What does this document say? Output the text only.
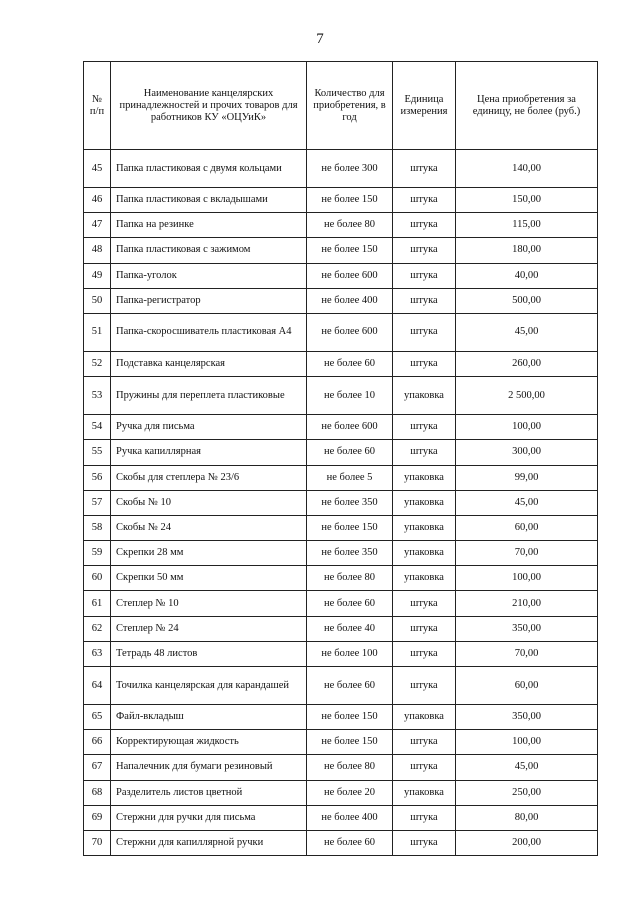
7
№ п/п	Наименование канцелярских принадлежностей и прочих товаров для работников КУ «ОЦУиК»	Количество для приобретения, в год	Единица измерения	Цена приобретения за единицу, не более (руб.)
45	Папка пластиковая с двумя кольцами	не более 300	штука	140,00
46	Папка пластиковая с вкладышами	не более 150	штука	150,00
47	Папка на резинке	не более 80	штука	115,00
48	Папка пластиковая с зажимом	не более 150	штука	180,00
49	Папка-уголок	не более 600	штука	40,00
50	Папка-регистратор	не более 400	штука	500,00
51	Папка-скоросшиватель пластиковая А4	не более 600	штука	45,00
52	Подставка канцелярская	не более 60	штука	260,00
53	Пружины для переплета пластиковые	не более 10	упаковка	2 500,00
54	Ручка для письма	не более 600	штука	100,00
55	Ручка капиллярная	не более 60	штука	300,00
56	Скобы для степлера № 23/6	не более 5	упаковка	99,00
57	Скобы № 10	не более 350	упаковка	45,00
58	Скобы № 24	не более 150	упаковка	60,00
59	Скрепки 28 мм	не более 350	упаковка	70,00
60	Скрепки 50 мм	не более 80	упаковка	100,00
61	Степлер № 10	не более 60	штука	210,00
62	Степлер № 24	не более 40	штука	350,00
63	Тетрадь 48 листов	не более 100	штука	70,00
64	Точилка канцелярская для карандашей	не более 60	штука	60,00
65	Файл-вкладыш	не более 150	упаковка	350,00
66	Корректирующая жидкость	не более 150	штука	100,00
67	Напалечник для бумаги резиновый	не более 80	штука	45,00
68	Разделитель листов цветной	не более 20	упаковка	250,00
69	Стержни для ручки для письма	не более 400	штука	80,00
70	Стержни для капиллярной ручки	не более 60	штука	200,00
